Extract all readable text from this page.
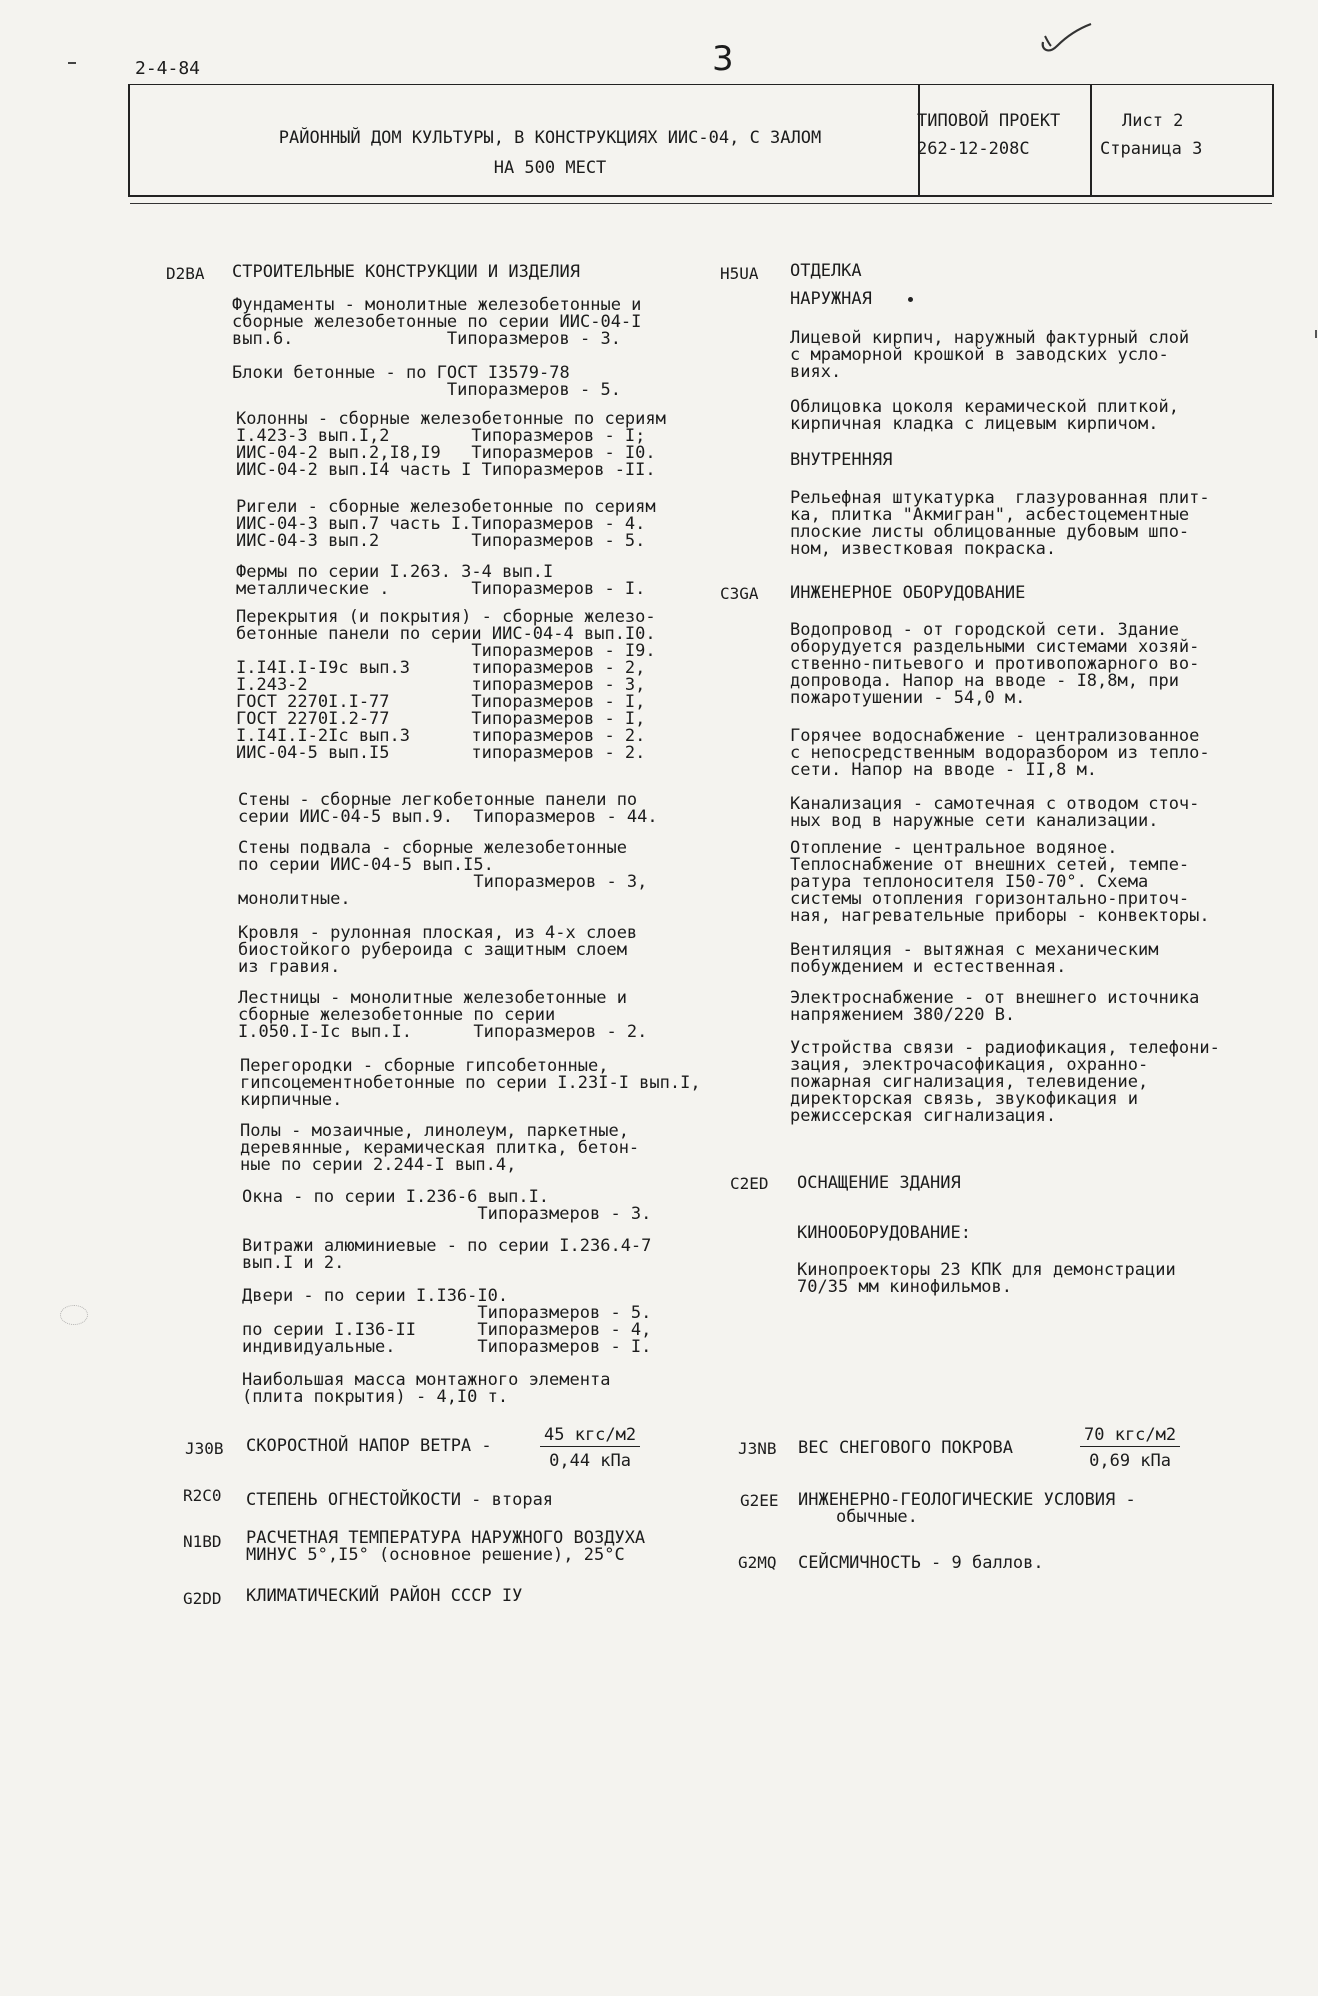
2-4-84	3
РАЙОННЫЙ ДОМ КУЛЬТУРЫ, В КОНСТРУКЦИЯХ ИИС-04, С ЗАЛОМ
НА 500 МЕСТ
ТИПОВОЙ ПРОЕКТ
262-12-208С
Лист 2
Страница 3
D2BA СТРОИТЕЛЬНЫЕ КОНСТРУКЦИИ И ИЗДЕЛИЯ
Фундаменты - монолитные железобетонные и
сборные железобетонные по серии ИИС-04-I
вып.6.               Типоразмеров - 3.
Блоки бетонные - по ГОСТ I3579-78
Типоразмеров - 5.
Колонны - сборные железобетонные по сериям
I.423-3 вып.I,2        Типоразмеров - I;
ИИС-04-2 вып.2,I8,I9   Типоразмеров - I0.
ИИС-04-2 вып.I4 часть I Типоразмеров -II.
Ригели - сборные железобетонные по сериям
ИИС-04-3 вып.7 часть I.Типоразмеров - 4.
ИИС-04-3 вып.2         Типоразмеров - 5.
Фермы по серии I.263. 3-4 вып.I
металлические .        Типоразмеров - I.
Перекрытия (и покрытия) - сборные железо-
бетонные панели по серии ИИС-04-4 вып.I0.
Типоразмеров - I9.
I.I4I.I-I9с вып.3      типоразмеров - 2,
I.243-2                типоразмеров - 3,
ГОСТ 2270I.I-77        Типоразмеров - I,
ГОСТ 2270I.2-77        Типоразмеров - I,
I.I4I.I-2Iс вып.3      типоразмеров - 2.
ИИС-04-5 вып.I5        типоразмеров - 2.
Стены - сборные легкобетонные панели по
серии ИИС-04-5 вып.9.  Типоразмеров - 44.
Стены подвала - сборные железобетонные
по серии ИИС-04-5 вып.I5.
Типоразмеров - 3,
монолитные.
Кровля - рулонная плоская, из 4-х слоев
биостойкого рубероида с защитным слоем
из гравия.
Лестницы - монолитные железобетонные и
сборные железобетонные по серии
I.050.I-Iс вып.I.      Типоразмеров - 2.
Перегородки - сборные гипсобетонные,
гипсоцементнобетонные по серии I.23I-I вып.I,
кирпичные.
Полы - мозаичные, линолеум, паркетные,
деревянные, керамическая плитка, бетон-
ные по серии 2.244-I вып.4,
Окна - по серии I.236-6 вып.I.
Типоразмеров - 3.
Витражи алюминиевые - по серии I.236.4-7
вып.I и 2.
Двери - по серии I.I36-I0.
Типоразмеров - 5.
по серии I.I36-II      Типоразмеров - 4,
индивидуальные.        Типоразмеров - I.
Наибольшая масса монтажного элемента
(плита покрытия) - 4,I0 т.
H5UA ОТДЕЛКА
НАРУЖНАЯ
Лицевой кирпич, наружный фактурный слой
с мраморной крошкой в заводских усло-
виях.
Облицовка цоколя керамической плиткой,
кирпичная кладка с лицевым кирпичом.
ВНУТРЕННЯЯ
Рельефная штукатурка  глазурованная плит-
ка, плитка "Акмигран", асбестоцементные
плоские листы облицованные дубовым шпо-
ном, известковая покраска.
C3GA ИНЖЕНЕРНОЕ ОБОРУДОВАНИЕ
Водопровод - от городской сети. Здание
оборудуется раздельными системами хозяй-
ственно-питьевого и противопожарного во-
допровода. Напор на вводе - I8,8м, при
пожаротушении - 54,0 м.
Горячее водоснабжение - централизованное
с непосредственным водоразбором из тепло-
сети. Напор на вводе - II,8 м.
Канализация - самотечная с отводом сточ-
ных вод в наружные сети канализации.
Отопление - центральное водяное.
Теплоснабжение от внешних сетей, темпе-
ратура теплоносителя I50-70°. Схема
системы отопления горизонтально-приточ-
ная, нагревательные приборы - конвекторы.
Вентиляция - вытяжная с механическим
побуждением и естественная.
Электроснабжение - от внешнего источника
напряжением 380/220 В.
Устройства связи - радиофикация, телефони-
зация, электрочасофикация, охранно-
пожарная сигнализация, телевидение,
директорская связь, звукофикация и
режиссерская сигнализация.
C2ED ОСНАЩЕНИЕ ЗДАНИЯ
КИНООБОРУДОВАНИЕ:
Кинопроекторы 23 КПК для демонстрации
70/35 мм кинофильмов.
J30B СКОРОСТНОЙ НАПОР ВЕТРА -
45 кгс/м2
0,44 кПа
J3NB ВЕС СНЕГОВОГО ПОКРОВА
70 кгс/м2
0,69 кПа
R2C0 СТЕПЕНЬ ОГНЕСТОЙКОСТИ - вторая	G2EE ИНЖЕНЕРНО-ГЕОЛОГИЧЕСКИЕ УСЛОВИЯ -
обычные.
N1BD РАСЧЕТНАЯ ТЕМПЕРАТУРА НАРУЖНОГО ВОЗДУХА
МИНУС 5°,I5° (основное решение), 25°С	G2MQ СЕЙСМИЧНОСТЬ - 9 баллов.
G2DD КЛИМАТИЧЕСКИЙ РАЙОН СССР IУ
